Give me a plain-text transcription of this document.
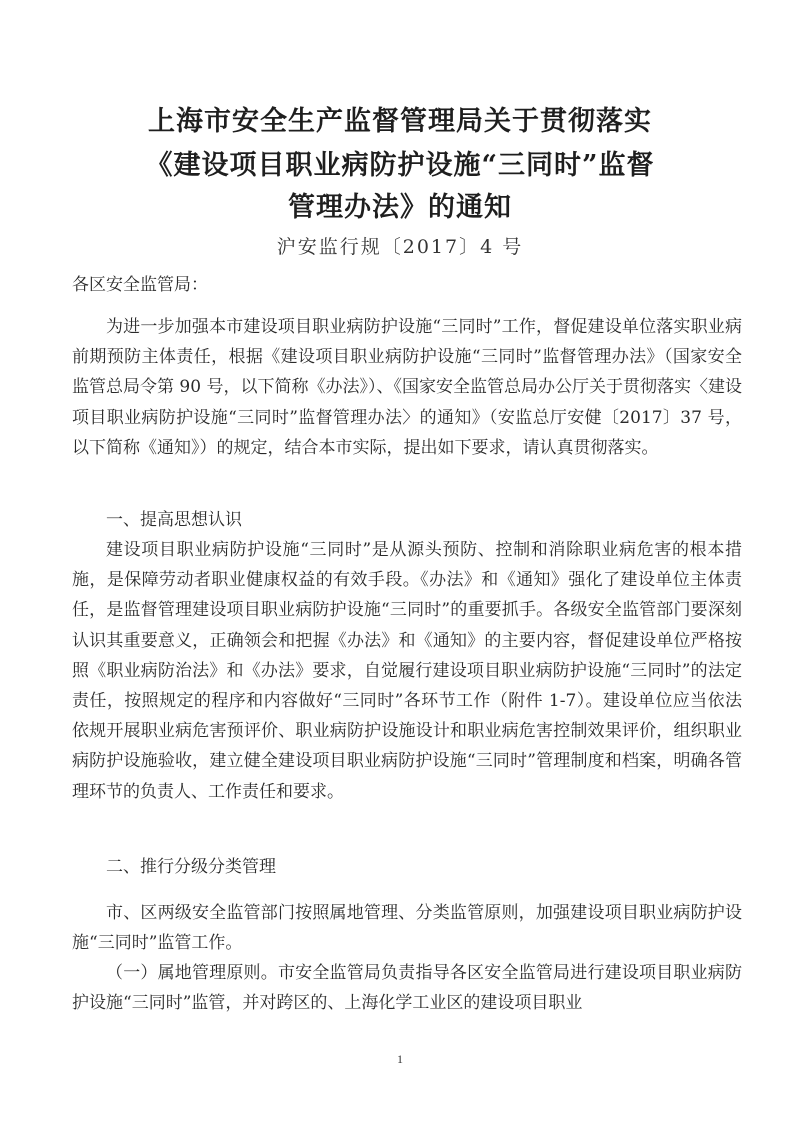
上海市安全生产监督管理局关于贯彻落实
《建设项目职业病防护设施“三同时”监督
管理办法》的通知
沪安监行规〔2017〕4 号

各区安全监管局：

为进一步加强本市建设项目职业病防护设施“三同时”工作，督促建设单位落实职业病前期预防主体责任，根据《建设项目职业病防护设施“三同时”监督管理办法》（国家安全监管总局令第 90 号，以下简称《办法》）、《国家安全监管总局办公厅关于贯彻落实〈建设项目职业病防护设施“三同时”监督管理办法〉的通知》（安监总厅安健〔2017〕37 号，以下简称《通知》）的规定，结合本市实际，提出如下要求，请认真贯彻落实。

一、提高思想认识

建设项目职业病防护设施“三同时”是从源头预防、控制和消除职业病危害的根本措施，是保障劳动者职业健康权益的有效手段。《办法》和《通知》强化了建设单位主体责任，是监督管理建设项目职业病防护设施“三同时”的重要抓手。各级安全监管部门要深刻认识其重要意义，正确领会和把握《办法》和《通知》的主要内容，督促建设单位严格按照《职业病防治法》和《办法》要求，自觉履行建设项目职业病防护设施“三同时”的法定责任，按照规定的程序和内容做好“三同时”各环节工作（附件 1-7）。建设单位应当依法依规开展职业病危害预评价、职业病防护设施设计和职业病危害控制效果评价，组织职业病防护设施验收，建立健全建设项目职业病防护设施“三同时”管理制度和档案，明确各管理环节的负责人、工作责任和要求。

二、推行分级分类管理

市、区两级安全监管部门按照属地管理、分类监管原则，加强建设项目职业病防护设施“三同时”监管工作。

（一）属地管理原则。市安全监管局负责指导各区安全监管局进行建设项目职业病防护设施“三同时”监管，并对跨区的、上海化学工业区的建设项目职业

1
